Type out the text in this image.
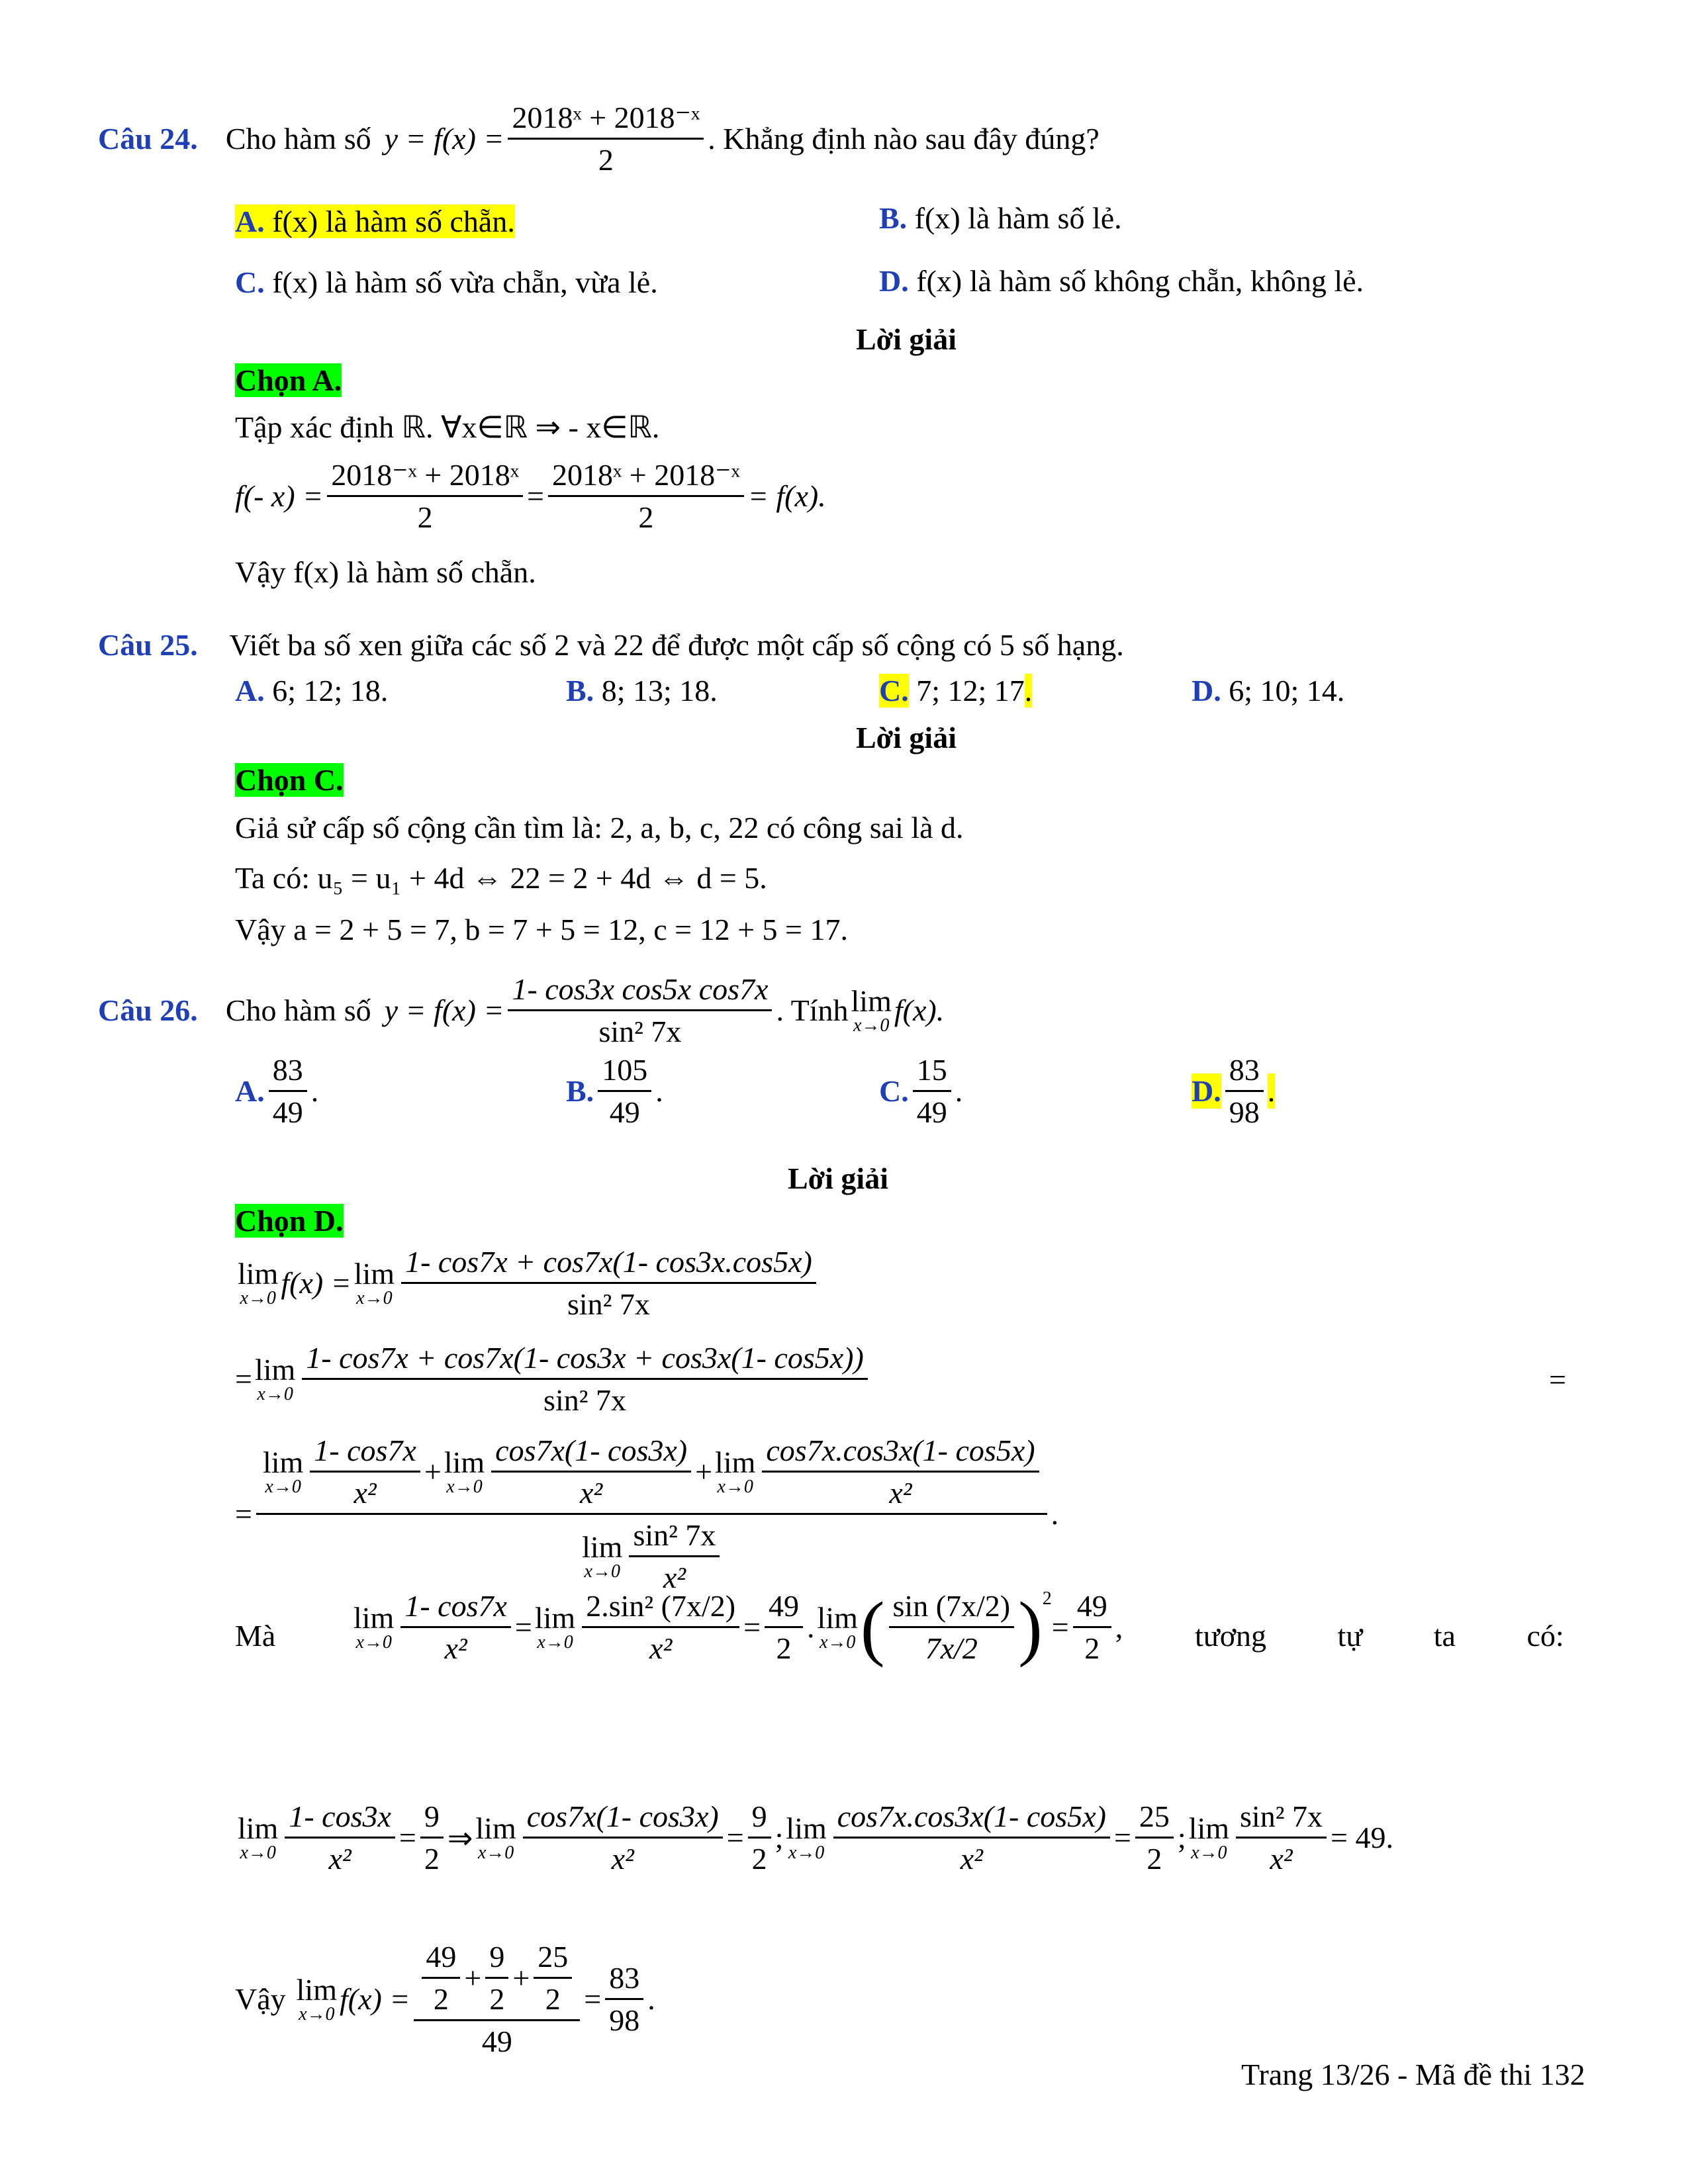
Câu 24. Cho hàm số $y = f(x) = \frac{\text{2018ˣ + 2018⁻ˣ}}{2}$ . Khẳng định nào sau đây đúng?
A. f(x) là hàm số chẵn.	B. f(x) là hàm số lẻ.
C. f(x) là hàm số vừa chẵn, vừa lẻ.	D. f(x) là hàm số không chẵn, không lẻ.
Lời giải
Chọn A.
Tập xác định ℝ. ∀x∈ℝ ⇒ - x∈ℝ.
f(- $x) = \frac{\text{2018⁻ˣ + 2018ˣ}}{2} = \frac{\text{2018ˣ + 2018⁻ˣ}}{2} = f(x)$.
Vậy f(x) là hàm số chẵn.
Câu 25. Viết ba số xen giữa các số 2 và 22 để được một cấp số cộng có 5 số hạng.
A. 6; 12; 18.	B. 8; 13; 18.	C. 7; 12; 17.	D. 6; 10; 14.
Lời giải
Chọn C.
Giả sử cấp số cộng cần tìm là: 2, a, b, c, 22 có công sai là d.
Ta có: u₅ = u₁ + 4d ⇔ 22 = 2 + 4d ⇔ d = 5.
Vậy a = 2 + 5 = 7, b = 7 + 5 = 12, c = 12 + 5 = 17.
Câu 26. Cho hàm số $y = f(x) = \frac{\text{1- cos3x cos5x cos7x}}{\text{sin² 7x}}$ . Tính lim
x→0 f(x).
A. $\frac{83}{49}$ .	B. $\frac{105}{49}$ .	C. $\frac{15}{49}$ .	D. $\frac{83}{98}$ .
Lời giải
Chọn D.
lim
x→0 f(x) = lim
$x\to 0 \frac{1- \cos 7x + \cos 7x(1- \cos 3x.\cos 5x)}{\text{sin² 7x}}$
= lim
$x\to 0 \frac{1- \cos 7x + \cos 7x(1- \cos 3x + \cos 3x(1- \cos 5x))}{\text{sin² 7x}}$	=
=
lim
$x\to 0 \frac{1- \cos 7x}{\text{x²}} + \lim$
$x\to 0 \frac{\cos 7x(1- \cos 3x)}{\text{x²}} + \lim$
$x\to 0 \frac{\cos 7x.\cos 3x(1- \cos 5x)}{\text{x²}}$
lim
$x\to 0 \frac{\text{sin² 7x}}{\text{x²}}$
.
Mà
lim
$x\to 0 \frac{1- \cos 7x}{\text{x²}} = \lim$
$x\to 0 \frac{\text{2.sin² (7x/2)}}{\text{x²}} = \frac{49}{2}$ . lim
x→0 ( $\frac{\sin (7x/2)}{7x/2} )^2$
= $\frac{49}{2}$ , tương tự ta có:
lim
$x\to 0 \frac{1- \cos 3x}{\text{x²}} = \frac{9}{2}$ ⇒ lim
$x\to 0 \frac{\cos 7x(1- \cos 3x)}{\text{x²}} = \frac{9}{2}$ ; lim
$x\to 0 \frac{\cos 7x.\cos 3x(1- \cos 5x)}{\text{x²}} = \frac{25}{2}$ ; lim
$x\to 0 \frac{\text{sin² 7x}}{\text{x²}} = 49$.
Vậy lim
x→0 $f(x) = \frac{\frac{49}{2} + \frac{9}{2} + \frac{25}{2}}{49} = \frac{83}{98}$ .
Trang 13/26 - Mã đề thi 132
